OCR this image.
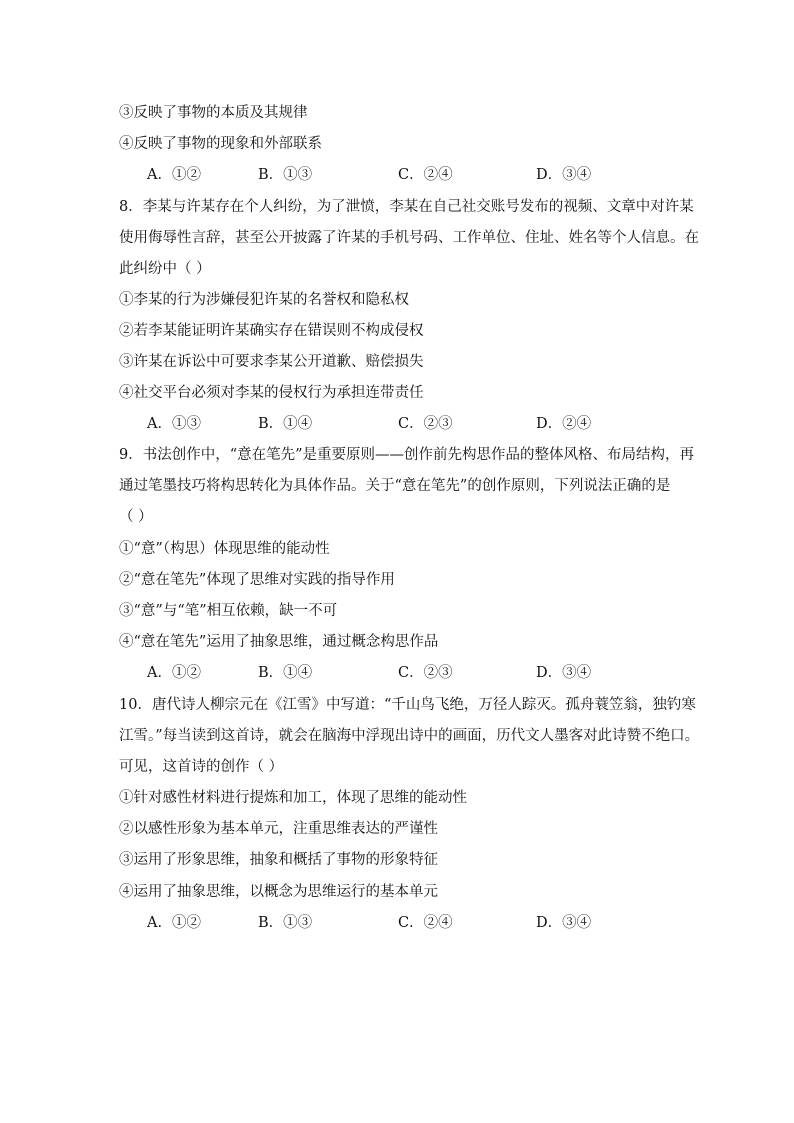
③反映了事物的本质及其规律
④反映了事物的现象和外部联系
A．①②	B．①③	C．②④	D．③④
8．李某与许某存在个人纠纷，为了泄愤，李某在自己社交账号发布的视频、文章中对许某
使用侮辱性言辞，甚至公开披露了许某的手机号码、工作单位、住址、姓名等个人信息。在
此纠纷中（ ）
①李某的行为涉嫌侵犯许某的名誉权和隐私权
②若李某能证明许某确实存在错误则不构成侵权
③许某在诉讼中可要求李某公开道歉、赔偿损失
④社交平台必须对李某的侵权行为承担连带责任
A．①③	B．①④	C．②③	D．②④
9．书法创作中，“意在笔先”是重要原则——创作前先构思作品的整体风格、布局结构，再
通过笔墨技巧将构思转化为具体作品。关于“意在笔先”的创作原则，下列说法正确的是
（ ）
①“意”（构思）体现思维的能动性
②“意在笔先”体现了思维对实践的指导作用
③“意”与“笔”相互依赖，缺一不可
④“意在笔先”运用了抽象思维，通过概念构思作品
A．①②	B．①④	C．②③	D．③④
10．唐代诗人柳宗元在《江雪》中写道：“千山鸟飞绝，万径人踪灭。孤舟蓑笠翁，独钓寒
江雪。”每当读到这首诗，就会在脑海中浮现出诗中的画面，历代文人墨客对此诗赞不绝口。
可见，这首诗的创作（ ）
①针对感性材料进行提炼和加工，体现了思维的能动性
②以感性形象为基本单元，注重思维表达的严谨性
③运用了形象思维，抽象和概括了事物的形象特征
④运用了抽象思维，以概念为思维运行的基本单元
A．①②	B．①③	C．②④	D．③④
